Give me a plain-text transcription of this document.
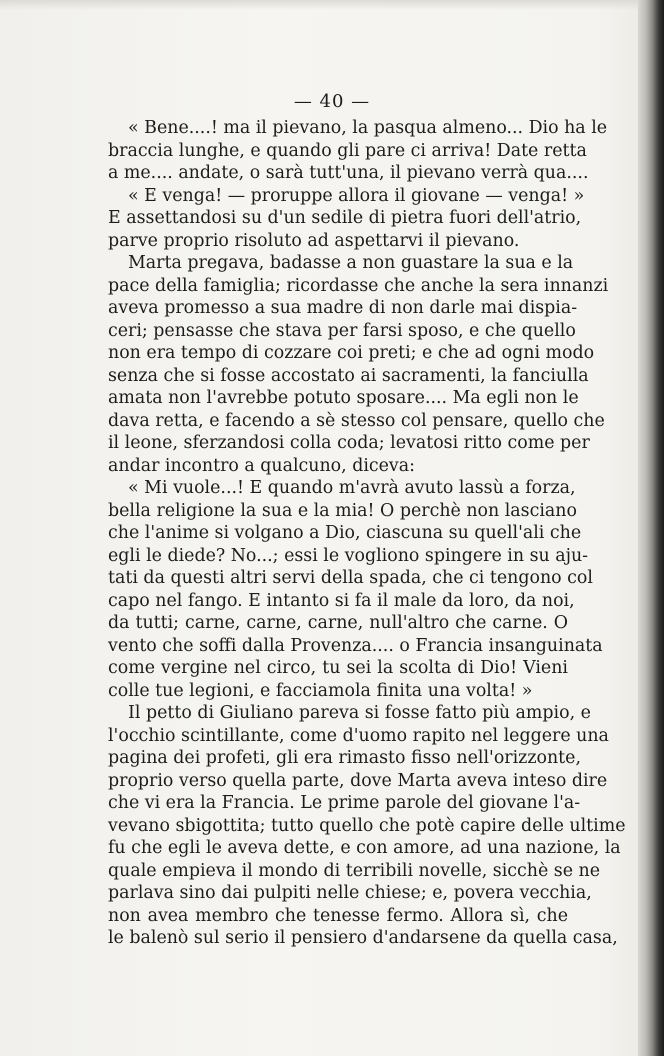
— 40 —
« Bene....! ma il pievano, la pasqua almeno... Dio ha le
braccia lunghe, e quando gli pare ci arriva! Date retta
a me.... andate, o sarà tutt'una, il pievano verrà qua....
« E venga! — proruppe allora il giovane — venga! »
E assettandosi su d'un sedile di pietra fuori dell'atrio,
parve proprio risoluto ad aspettarvi il pievano.
Marta pregava, badasse a non guastare la sua e la
pace della famiglia; ricordasse che anche la sera innanzi
aveva promesso a sua madre di non darle mai dispia-
ceri; pensasse che stava per farsi sposo, e che quello
non era tempo di cozzare coi preti; e che ad ogni modo
senza che si fosse accostato ai sacramenti, la fanciulla
amata non l'avrebbe potuto sposare.... Ma egli non le
dava retta, e facendo a sè stesso col pensare, quello che
il leone, sferzandosi colla coda; levatosi ritto come per
andar incontro a qualcuno, diceva:
« Mi vuole...! E quando m'avrà avuto lassù a forza,
bella religione la sua e la mia! O perchè non lasciano
che l'anime si volgano a Dio, ciascuna su quell'ali che
egli le diede? No...; essi le vogliono spingere in su aju-
tati da questi altri servi della spada, che ci tengono col
capo nel fango. E intanto si fa il male da loro, da noi,
da tutti; carne, carne, carne, null'altro che carne. O
vento che soffi dalla Provenza.... o Francia insanguinata
come vergine nel circo, tu sei la scolta di Dio! Vieni
colle tue legioni, e facciamola finita una volta! »
Il petto di Giuliano pareva si fosse fatto più ampio, e
l'occhio scintillante, come d'uomo rapito nel leggere una
pagina dei profeti, gli era rimasto fisso nell'orizzonte,
proprio verso quella parte, dove Marta aveva inteso dire
che vi era la Francia. Le prime parole del giovane l'a-
vevano sbigottita; tutto quello che potè capire delle ultime
fu che egli le aveva dette, e con amore, ad una nazione, la
quale empieva il mondo di terribili novelle, sicchè se ne
parlava sino dai pulpiti nelle chiese; e, povera vecchia,
non avea membro che tenesse fermo. Allora sì, che
le balenò sul serio il pensiero d'andarsene da quella casa,
